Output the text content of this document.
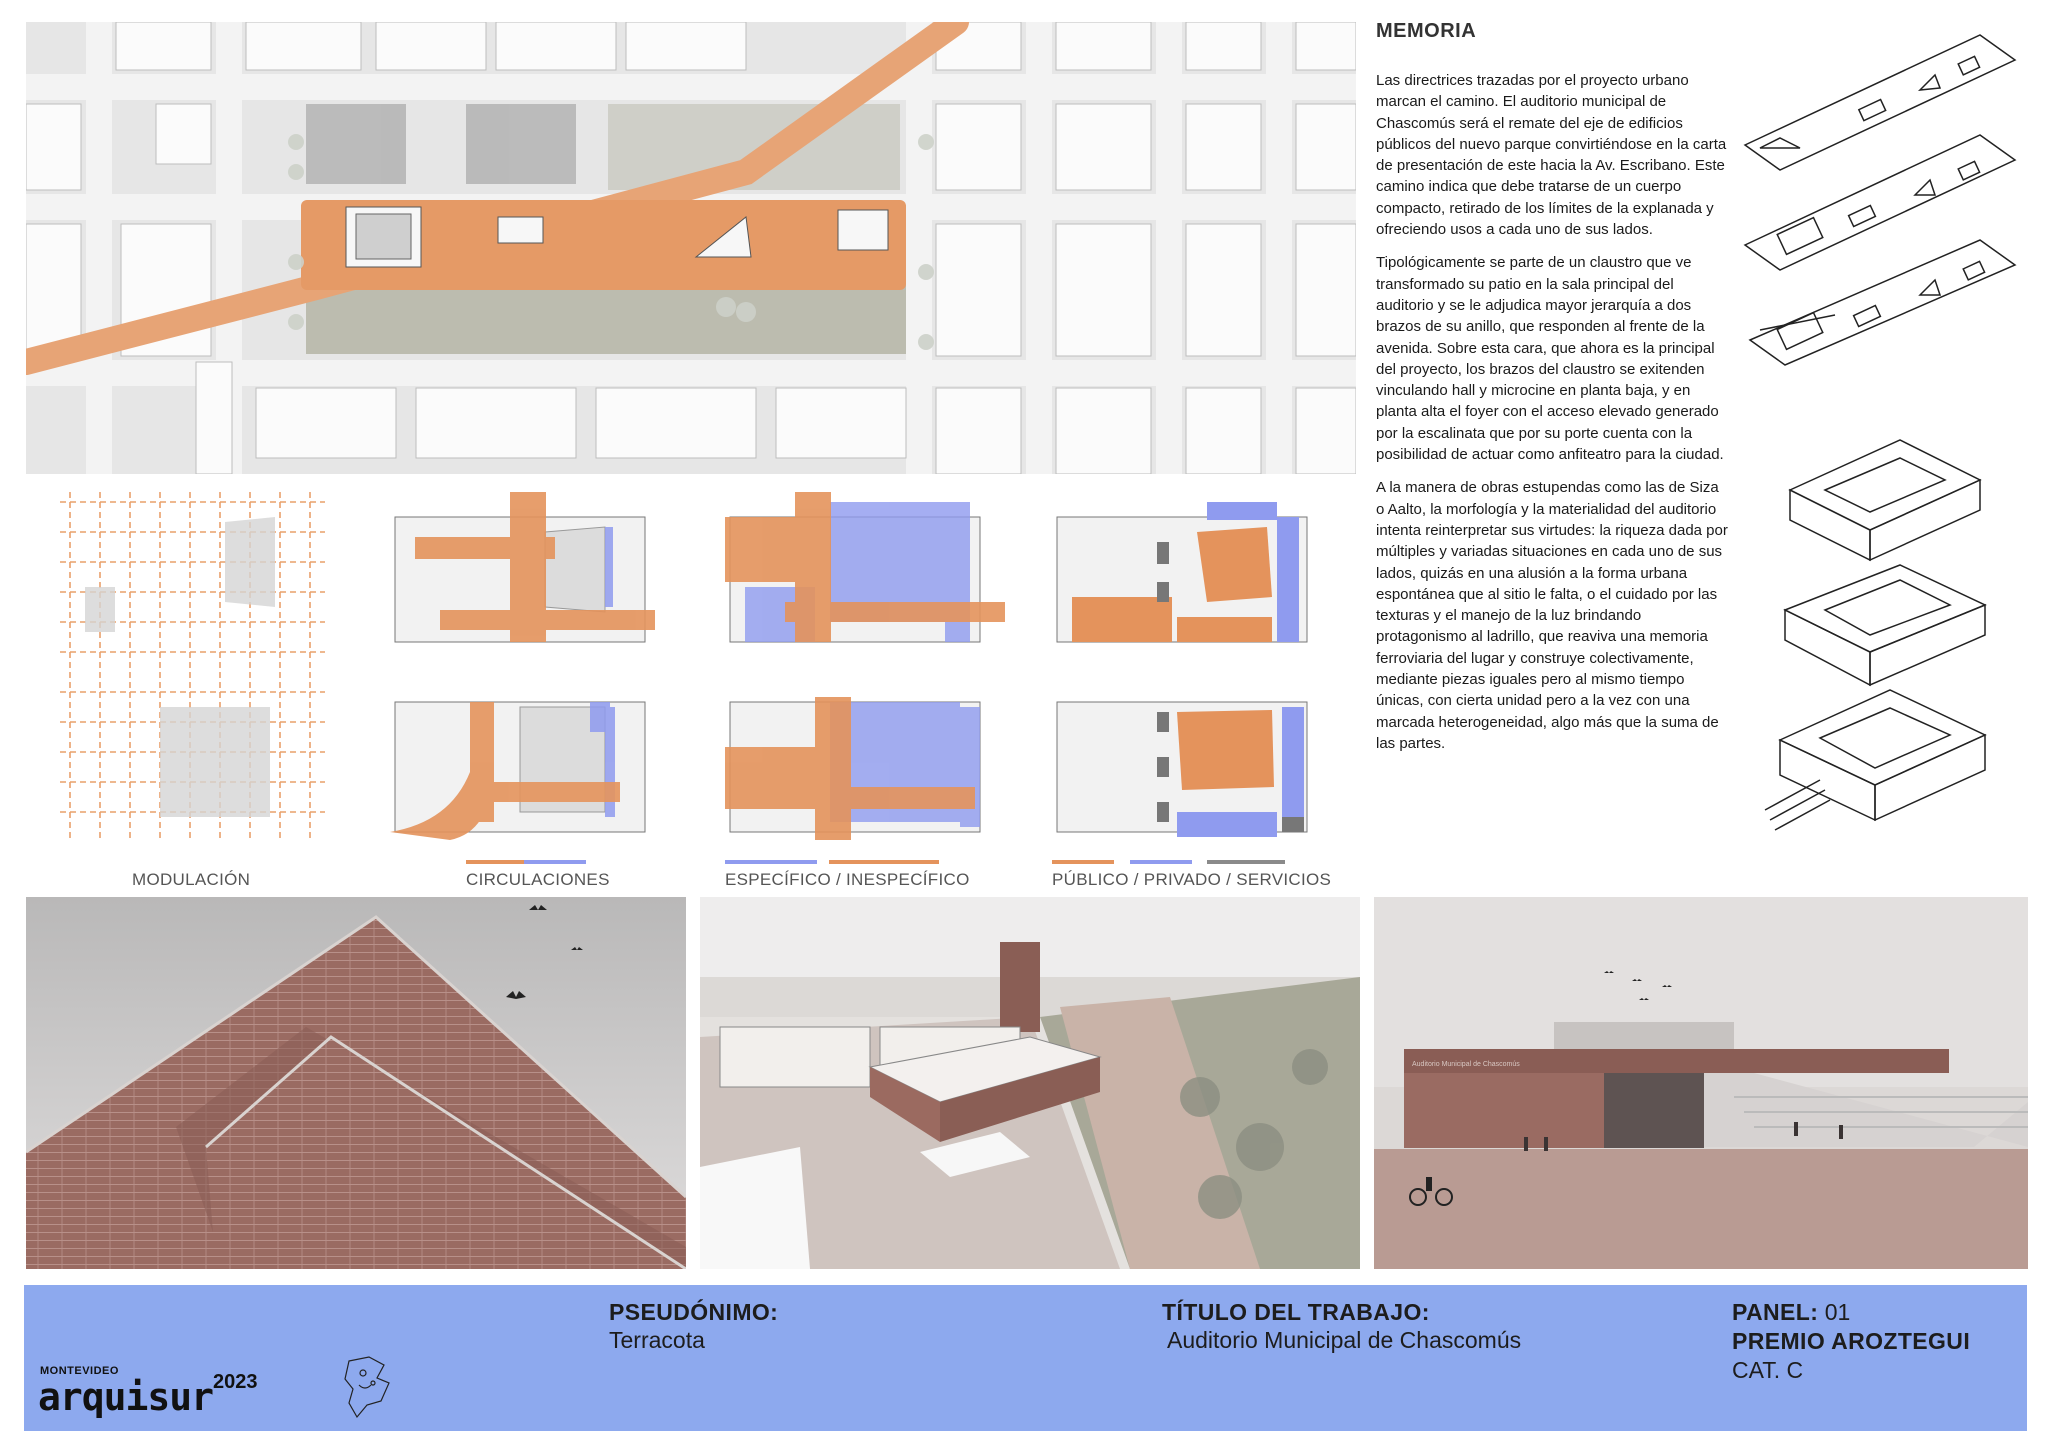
MEMORIA

Las directrices trazadas por el proyecto urbano marcan el camino. El auditorio municipal de Chascomús será el remate del eje de edificios públicos del nuevo parque convirtiéndose en la carta de presentación de este hacia la Av. Escribano. Este camino indica que debe tratarse de un cuerpo compacto, retirado de los límites de la explanada y ofreciendo usos a cada uno de sus lados.

Tipológicamente se parte de un claustro que ve transformado su patio en la sala principal del auditorio y se le adjudica mayor jerarquía a dos brazos de su anillo, que responden al frente de la avenida. Sobre esta cara, que ahora es la principal del proyecto, los brazos del claustro se exitenden vinculando hall y microcine en planta baja, y en planta alta el foyer con el acceso elevado generado por la escalinata que por su porte cuenta con la posibilidad de actuar como anfiteatro para la ciudad.

A la manera de obras estupendas como las de Siza o Aalto, la morfología y la materialidad del auditorio intenta reinterpretar sus virtudes: la riqueza dada por múltiples y variadas situaciones en cada uno de sus lados, quizás en una alusión a la forma urbana espontánea que al sitio le falta, o el cuidado por las texturas y el manejo de la luz brindando protagonismo al ladrillo, que reaviva una memoria ferroviaria del lugar y construye colectivamente, mediante piezas iguales pero al mismo tiempo únicas, con cierta unidad pero a la vez con una marcada heterogeneidad, algo más que la suma de las partes.

MODULACIÓN	CIRCULACIONES	ESPECÍFICO / INESPECÍFICO	PÚBLICO / PRIVADO / SERVICIOS
Auditorio Municipal de Chascomús
PSEUDÓNIMO:
Terracota
TÍTULO DEL TRABAJO:
Auditorio Municipal de Chascomús
PANEL: 01
PREMIO AROZTEGUI
CAT. C
MONTEVIDEO
arquisur$^{2023}$
